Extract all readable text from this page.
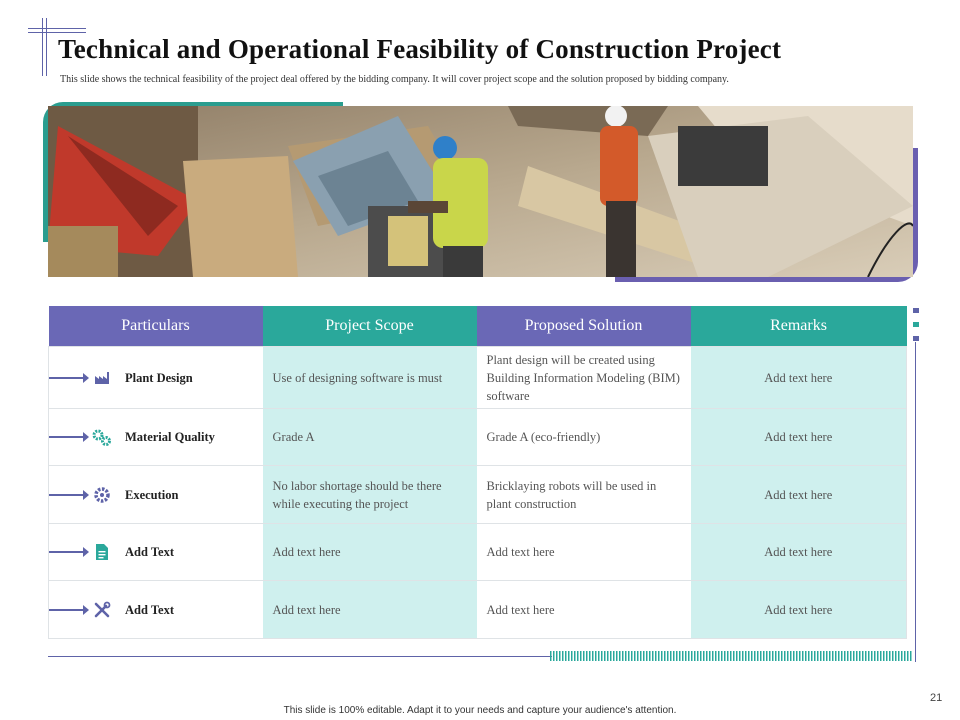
Technical and Operational Feasibility of Construction Project
This slide shows the technical feasibility of the project deal offered by the bidding company. It will cover project scope and the solution proposed by bidding company.
Particulars	Project Scope	Proposed Solution	Remarks

Plant Design	Use of designing software is must	Plant design will be created using Building Information Modeling (BIM) software	Add text here

Material Quality	Grade A	Grade A (eco-friendly)	Add text here

Execution	No labor shortage should be there while executing the project	Bricklaying robots will be used in plant construction	Add text here

Add Text	Add text here	Add text here	Add text here

Add Text	Add text here	Add text here	Add text here
21
This slide is 100% editable. Adapt it to your needs and capture your audience's attention.
